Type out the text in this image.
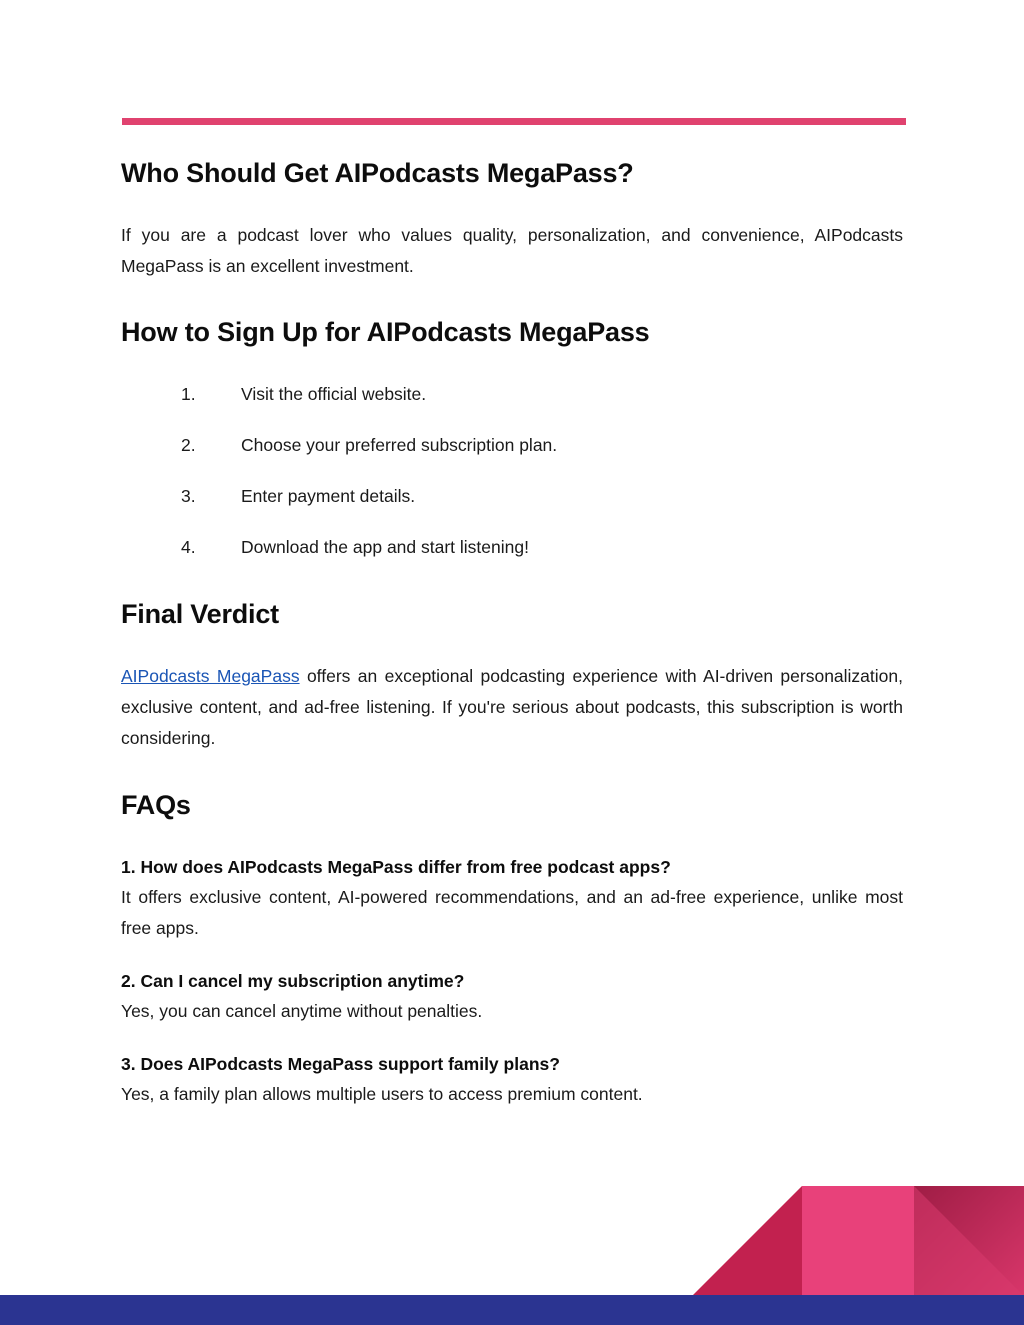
Who Should Get AIPodcasts MegaPass?

If you are a podcast lover who values quality, personalization, and convenience, AIPodcasts MegaPass is an excellent investment.

How to Sign Up for AIPodcasts MegaPass
1.	Visit the official website.
2.	Choose your preferred subscription plan.
3.	Enter payment details.
4.	Download the app and start listening!
Final Verdict

AIPodcasts MegaPass offers an exceptional podcasting experience with AI-driven personalization, exclusive content, and ad-free listening. If you're serious about podcasts, this subscription is worth considering.

FAQs
1. How does AIPodcasts MegaPass differ from free podcast apps?

It offers exclusive content, AI-powered recommendations, and an ad-free experience, unlike most free apps.

2. Can I cancel my subscription anytime?

Yes, you can cancel anytime without penalties.

3. Does AIPodcasts MegaPass support family plans?

Yes, a family plan allows multiple users to access premium content.
